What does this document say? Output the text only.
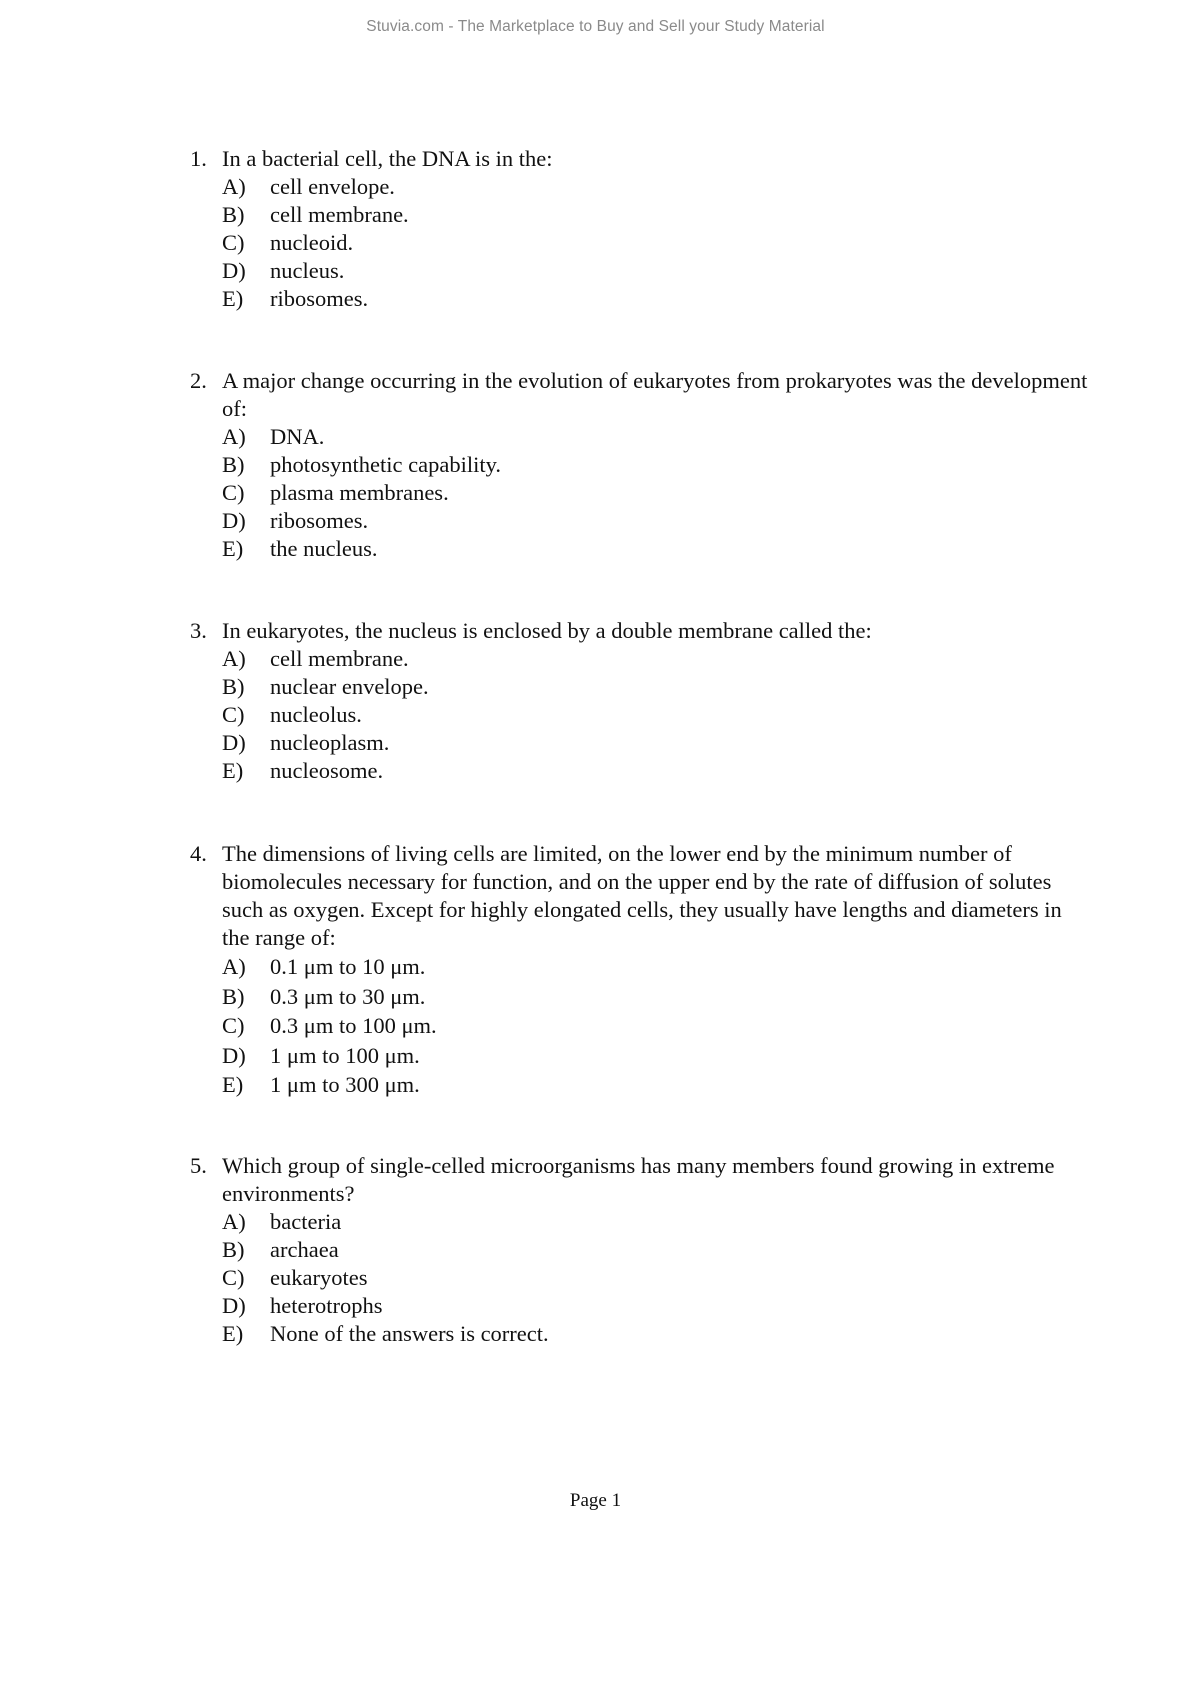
Stuvia.com - The Marketplace to Buy and Sell your Study Material
1. In a bacterial cell, the DNA is in the:
A)	cell envelope.
B)	cell membrane.
C)	nucleoid.
D)	nucleus.
E)	ribosomes.
2. A major change occurring in the evolution of eukaryotes from prokaryotes was the development of:
A)	DNA.
B)	photosynthetic capability.
C)	plasma membranes.
D)	ribosomes.
E)	the nucleus.
3. In eukaryotes, the nucleus is enclosed by a double membrane called the:
A)	cell membrane.
B)	nuclear envelope.
C)	nucleolus.
D)	nucleoplasm.
E)	nucleosome.
4. The dimensions of living cells are limited, on the lower end by the minimum number of biomolecules necessary for function, and on the upper end by the rate of diffusion of solutes such as oxygen. Except for highly elongated cells, they usually have lengths and diameters in the range of:
A)	0.1 μm to 10 μm.
B)	0.3 μm to 30 μm.
C)	0.3 μm to 100 μm.
D)	1 μm to 100 μm.
E)	1 μm to 300 μm.
5. Which group of single-celled microorganisms has many members found growing in extreme environments?
A)	bacteria
B)	archaea
C)	eukaryotes
D)	heterotrophs
E)	None of the answers is correct.
Page 1
